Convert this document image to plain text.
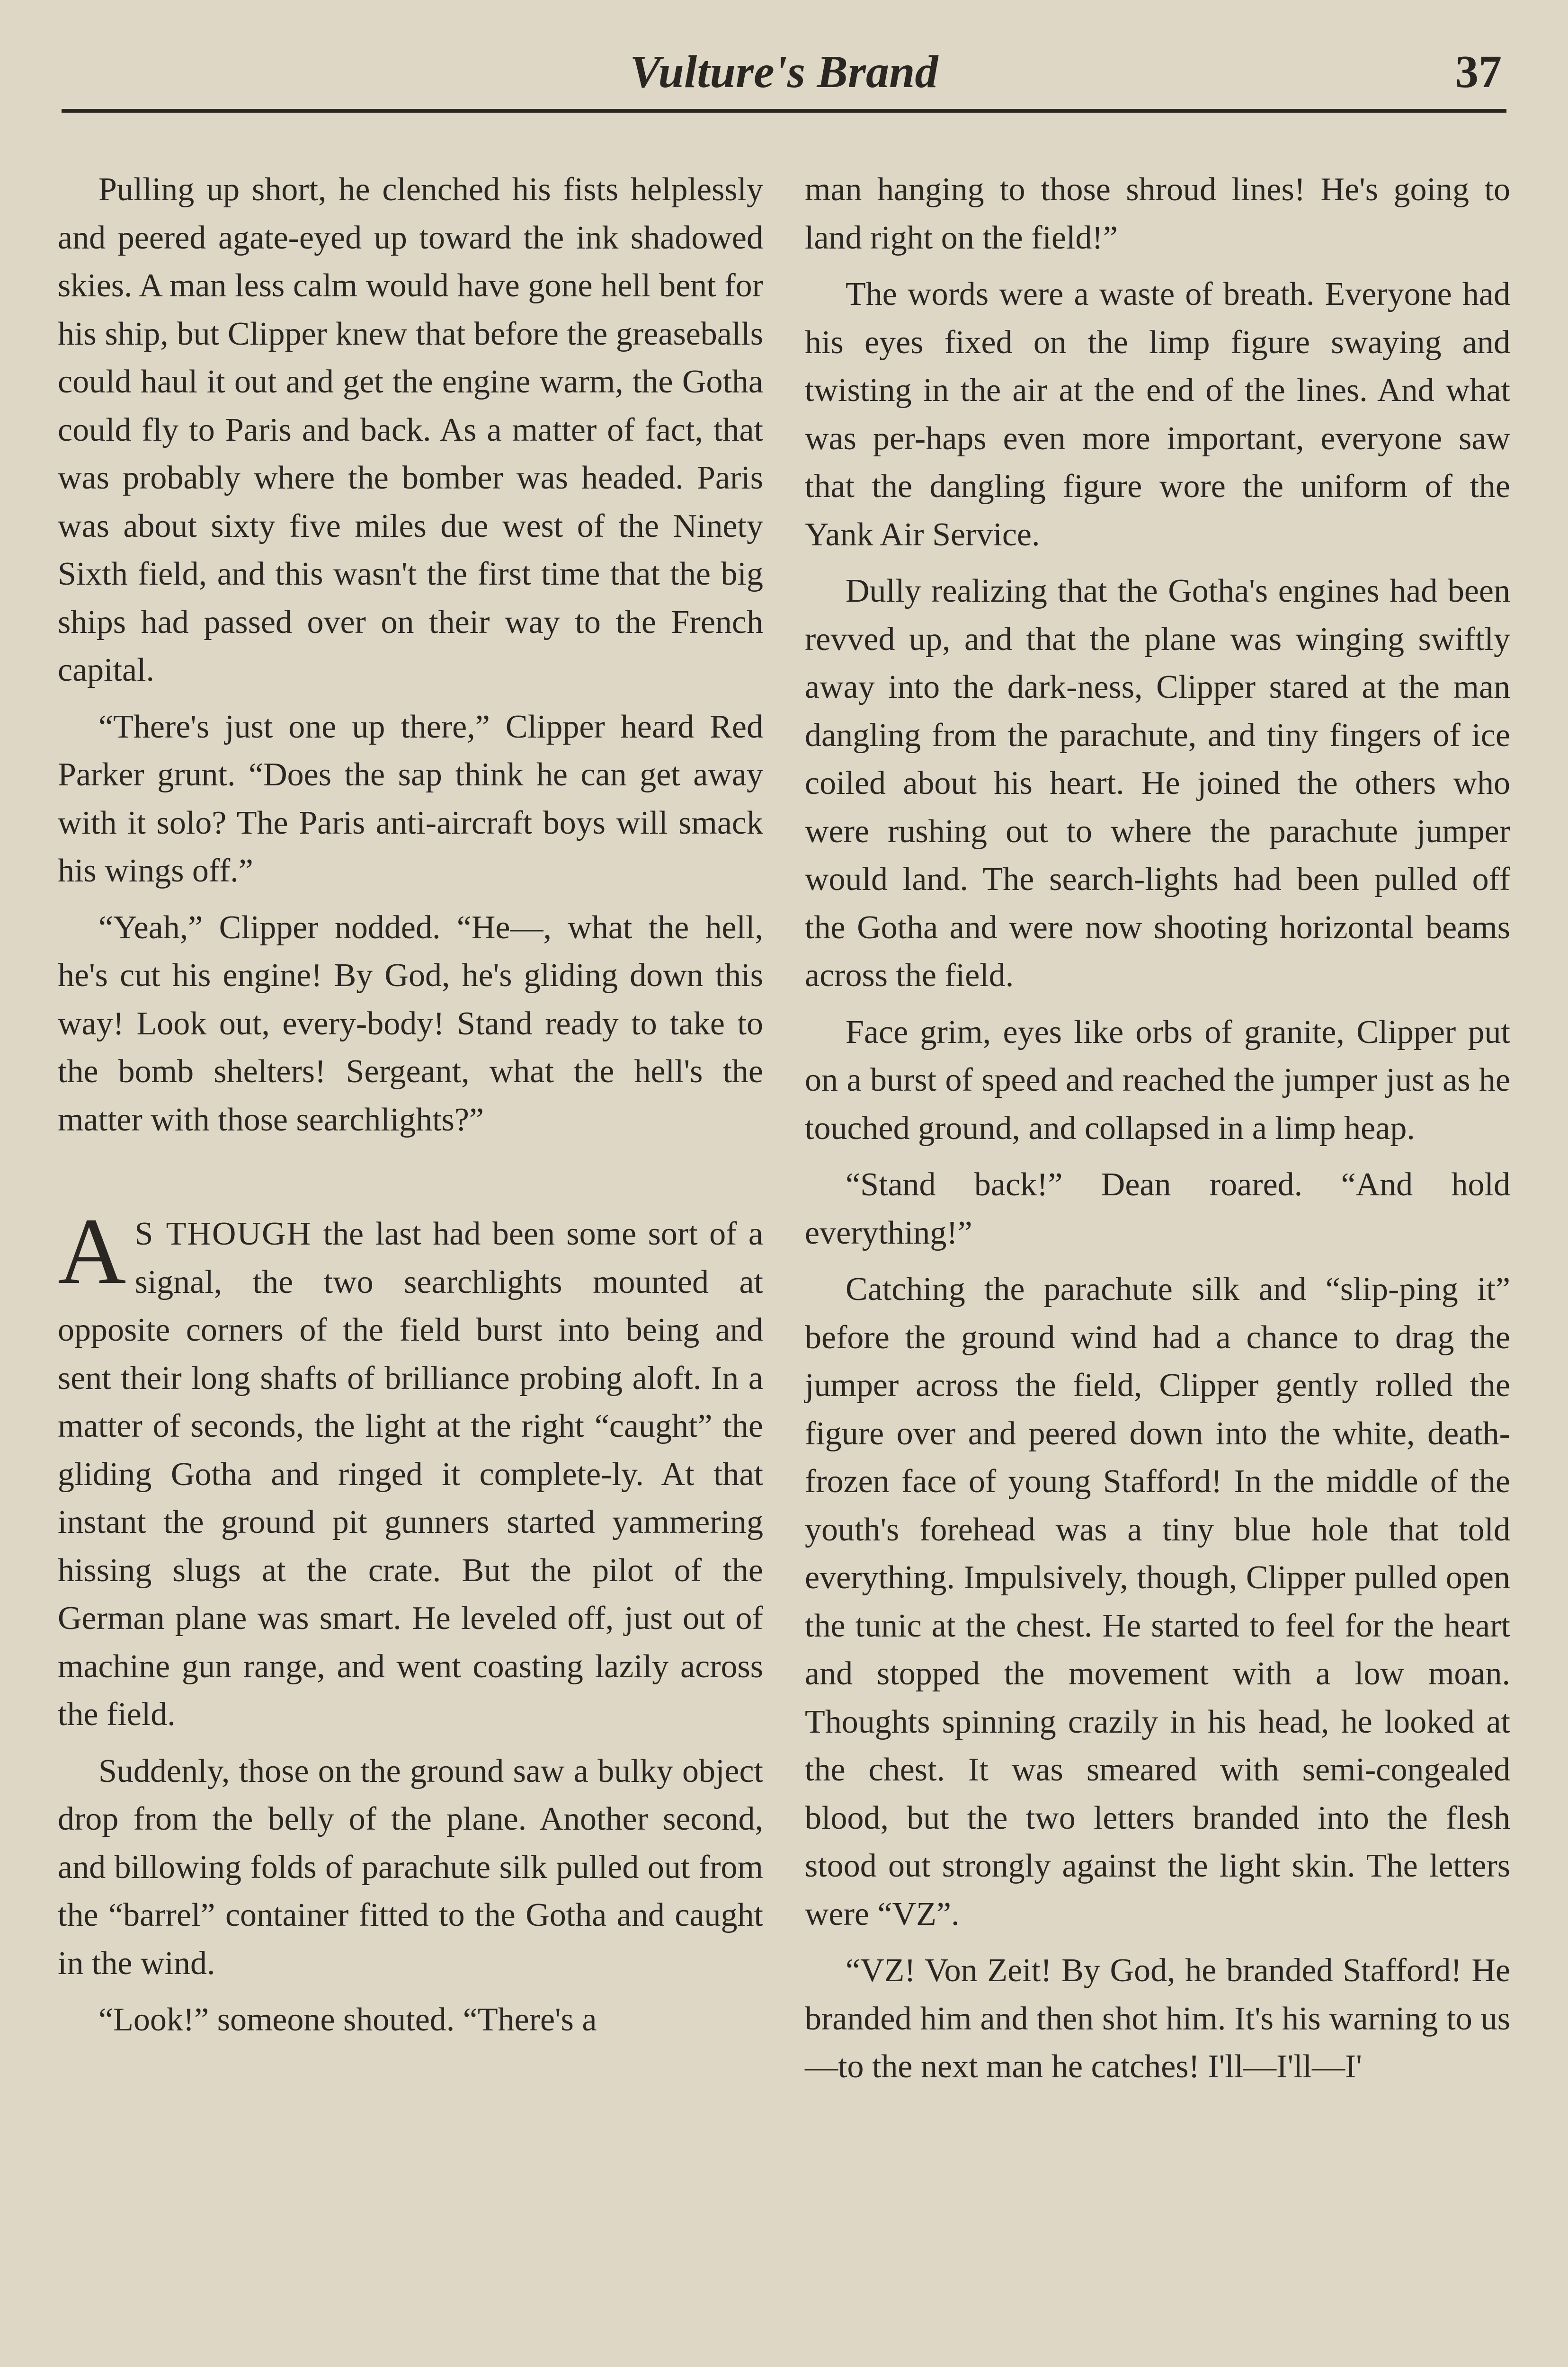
Vulture's Brand	37

Pulling up short, he clenched his fists helplessly and peered agate-eyed up toward the ink shadowed skies. A man less calm would have gone hell bent for his ship, but Clipper knew that before the greaseballs could haul it out and get the engine warm, the Gotha could fly to Paris and back. As a matter of fact, that was probably where the bomber was headed. Paris was about sixty five miles due west of the Ninety Sixth field, and this wasn't the first time that the big ships had passed over on their way to the French capital.

“There's just one up there,” Clipper heard Red Parker grunt. “Does the sap think he can get away with it solo? The Paris anti-aircraft boys will smack his wings off.”

“Yeah,” Clipper nodded. “He—, what the hell, he's cut his engine! By God, he's gliding down this way! Look out, every-body! Stand ready to take to the bomb shelters! Sergeant, what the hell's the matter with those searchlights?”

AS THOUGH the last had been some sort of a signal, the two searchlights mounted at opposite corners of the field burst into being and sent their long shafts of brilliance probing aloft. In a matter of seconds, the light at the right “caught” the gliding Gotha and ringed it complete-ly. At that instant the ground pit gunners started yammering hissing slugs at the crate. But the pilot of the German plane was smart. He leveled off, just out of machine gun range, and went coasting lazily across the field.

Suddenly, those on the ground saw a bulky object drop from the belly of the plane. Another second, and billowing folds of parachute silk pulled out from the “barrel” container fitted to the Gotha and caught in the wind.

“Look!” someone shouted. “There's a

man hanging to those shroud lines! He's going to land right on the field!”

The words were a waste of breath. Everyone had his eyes fixed on the limp figure swaying and twisting in the air at the end of the lines. And what was per-haps even more important, everyone saw that the dangling figure wore the uniform of the Yank Air Service.

Dully realizing that the Gotha's engines had been revved up, and that the plane was winging swiftly away into the dark-ness, Clipper stared at the man dangling from the parachute, and tiny fingers of ice coiled about his heart. He joined the others who were rushing out to where the parachute jumper would land. The search-lights had been pulled off the Gotha and were now shooting horizontal beams across the field.

Face grim, eyes like orbs of granite, Clipper put on a burst of speed and reached the jumper just as he touched ground, and collapsed in a limp heap.

“Stand back!” Dean roared. “And hold everything!”

Catching the parachute silk and “slip-ping it” before the ground wind had a chance to drag the jumper across the field, Clipper gently rolled the figure over and peered down into the white, death-frozen face of young Stafford! In the middle of the youth's forehead was a tiny blue hole that told everything. Impulsively, though, Clipper pulled open the tunic at the chest. He started to feel for the heart and stopped the movement with a low moan. Thoughts spinning crazily in his head, he looked at the chest. It was smeared with semi-congealed blood, but the two letters branded into the flesh stood out strongly against the light skin. The letters were “VZ”.

“VZ! Von Zeit! By God, he branded Stafford! He branded him and then shot him. It's his warning to us—to the next man he catches! I'll—I'll—I'
